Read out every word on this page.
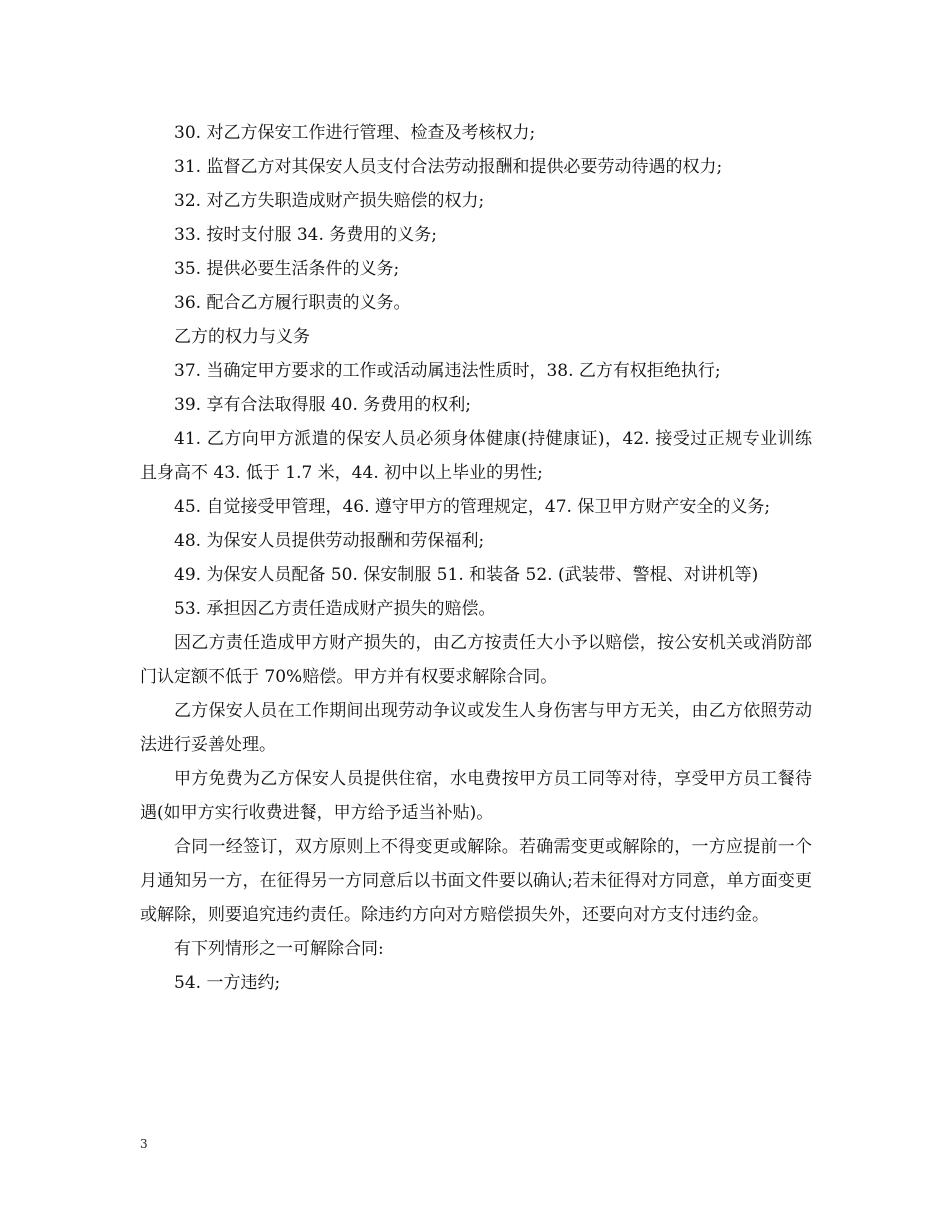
30. 对乙方保安工作进行管理、检查及考核权力;

31. 监督乙方对其保安人员支付合法劳动报酬和提供必要劳动待遇的权力;

32. 对乙方失职造成财产损失赔偿的权力;

33. 按时支付服 34. 务费用的义务;

35. 提供必要生活条件的义务;

36. 配合乙方履行职责的义务。

乙方的权力与义务

37. 当确定甲方要求的工作或活动属违法性质时，38. 乙方有权拒绝执行;

39. 享有合法取得服 40. 务费用的权利;

41. 乙方向甲方派遣的保安人员必须身体健康(持健康证)，42. 接受过正规专业训练且身高不 43. 低于 1.7 米，44. 初中以上毕业的男性;

45. 自觉接受甲管理，46. 遵守甲方的管理规定，47. 保卫甲方财产安全的义务;

48. 为保安人员提供劳动报酬和劳保福利;

49. 为保安人员配备 50. 保安制服 51. 和装备 52. (武装带、警棍、对讲机等)

53. 承担因乙方责任造成财产损失的赔偿。

因乙方责任造成甲方财产损失的，由乙方按责任大小予以赔偿，按公安机关或消防部门认定额不低于 70%赔偿。甲方并有权要求解除合同。

乙方保安人员在工作期间出现劳动争议或发生人身伤害与甲方无关，由乙方依照劳动法进行妥善处理。

甲方免费为乙方保安人员提供住宿，水电费按甲方员工同等对待，享受甲方员工餐待遇(如甲方实行收费进餐，甲方给予适当补贴)。

合同一经签订，双方原则上不得变更或解除。若确需变更或解除的，一方应提前一个月通知另一方，在征得另一方同意后以书面文件要以确认;若未征得对方同意，单方面变更或解除，则要追究违约责任。除违约方向对方赔偿损失外，还要向对方支付违约金。

有下列情形之一可解除合同:

54. 一方违约;

3
